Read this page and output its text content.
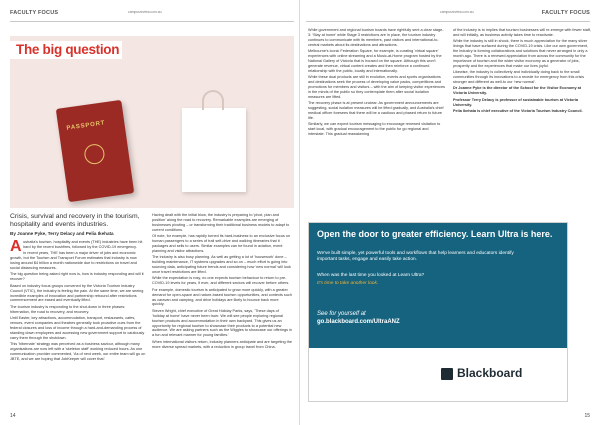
FACULTY FOCUS	campusreview.com.au
The big question
PASSPORT
Crisis, survival and recovery in the tourism, hospitality and events industries.
By Joanne Pyke, Terry Delacy and Pelia Ikehata

Australia's tourism, hospitality and events (THE) industries have been hit hard by the recent bushfires, followed by the COVID-19 emergency.

In recent years, THE has been a major driver of jobs and economic growth, but the Tourism and Transport Forum estimates that industry is now losing around $4 billion a month nationwide due to restrictions on travel and social distancing measures.

The big question being asked right now is, how is industry responding and will it recover?

Based on industry focus groups convened by the Victoria Tourism Industry Council (VTIC), the industry is feeling the pain. At the same time, we are seeing incredible examples of innovation and partnership rebound after restrictions commencement are eased and eventually lifted.

The tourism industry is responding to the shut-down in three phases: hibernation, the road to recovery, and recovery.

Until Easter, key attractions, accommodation, transport, restaurants, cafes, venues, event companies and theatres generally took proactive cues from the federal closures and loss of income through a hard-and-demanding process of standing down employees and accessing new government support to cautiously carry them through the shutdown.

This 'hibernate' strategy was perceived as a business saviour, although many organisations are now left with a 'skeleton staff' working reduced hours. As one communication provider commented, 'As of next week, our entire team will go on JBTE, and we are hoping that JobKeeper will cover that.'

Having dealt with the initial blow, the industry is preparing to 'pivot, plan and position' along the road to recovery. Remarkable examples are emerging of businesses pivoting – or transforming their traditional business models to adapt to current conditions.

Of note, for example, has rapidly turned its hard-business to an exclusive focus on human passengers to a series of trail self-drive and walking itineraries that it packages and sells to users. Similar examples can be found in aviation, event planning and visitor attractions.

The industry is also busy planning. As well as getting a lot of 'housework' done – building maintenance, IT systems upgrades and so on – much effort is going into sourcing data, anticipating future trends and considering how 'new normal' will look once travel restrictions are lifted.

While the expectation is rosy, no one expects tourism behaviour to return to pre-COVID-19 levels for years, if ever, and different sectors will recover before others.

For example, domestic tourism is anticipated to grow more quickly, with a greater demand for open-space and nature-based tourism opportunities, and contexts such as caravan and camping, and drive holidays are likely to bounce back more quickly.

Steven Wright, chief executive of Great Holiday Parks, says, 'These days of 'holiday at home' have never been truer. We will see people exploring regional tourism products and accommodation in their own backyard. This gives us an opportunity for regional tourism to showcase their products to a potential new audience. We are asking partners such as the Wiggles to showcase our offerings in a fun and relevant manner for young families.'

When international visitors return, industry planners anticipate and are targeting the more diverse spread markets, with a reduction in group travel from China.

14
campusreview.com.au	FACULTY FOCUS

While government and regional tourism boards have rightfully sent a clear stage-3: 'Stay at home' while Stage 3 restrictions are in place, the tourism industry continues to communicate with its members, past visitors and international-to-central markets about its destinations and attractions.

Melbourne's iconic Federation Square, for example, is curating 'virtual square' experiences with online streaming and a Music-at-Home program hosted by the National Gallery of Victoria that is housed on the square. Although this won't generate revenue, virtual content creates and then reinforce a continued relationship with the public, locally and internationally.

While these dual products are still in evolution, events and sports organisations and destinations seek the process of developing value packs, competitions and promotions for members and visitors – with the aim of keeping visitor experiences in the minds of the public so they contemplate them after social isolation measures are lifted.

The recovery phase is at present unclear. As government announcements are suggesting, social isolation measures will be lifted gradually, and Australia's chief medical officer foresees that there will be a cautious and phased return to future life.

Similarly, we can expect tourism messaging to encourage renewed visitation to start local, with gradual encouragement to the public for go regional and interstate. This gradual reawakening

of the industry is to implies that tourism businesses will re-emerge with fewer staff, and will initially, as business activity takes time to reactivate.

While the industry is still in shock, there is much appreciation for the many silver linings that have surfaced during the COVID-19 crisis. Like our own government, the industry is forming collaborations and solutions that never arranged in only a month ago. There is a renewed appreciation from across the community for the importance of tourism and the wider visitor economy as a generator of jobs, prosperity and the experiences that make our lives joyful.

Likewise, the industry is collectively and individually doing back to the small communities through its innovations to a recede for emergency from this crisis stronger and different as well-to our 'new normal'.

Dr Joanne Pyke is the director of the School for the Visitor Economy at Victoria University.

Professor Terry Delacy is professor of sustainable tourism at Victoria University.

Pelia Ikehata is chief executive of the Victoria Tourism Industry Council.

Open the door to greater efficiency. Learn Ultra is here.
We've built simple, yet powerful tools and workflows that help learners and educators identify important tasks, engage and easily take action.
When was the last time you looked at Learn Ultra?
It's time to take another look.
See for yourself at
go.blackboard.com/UltraANZ
Blackboard
15
